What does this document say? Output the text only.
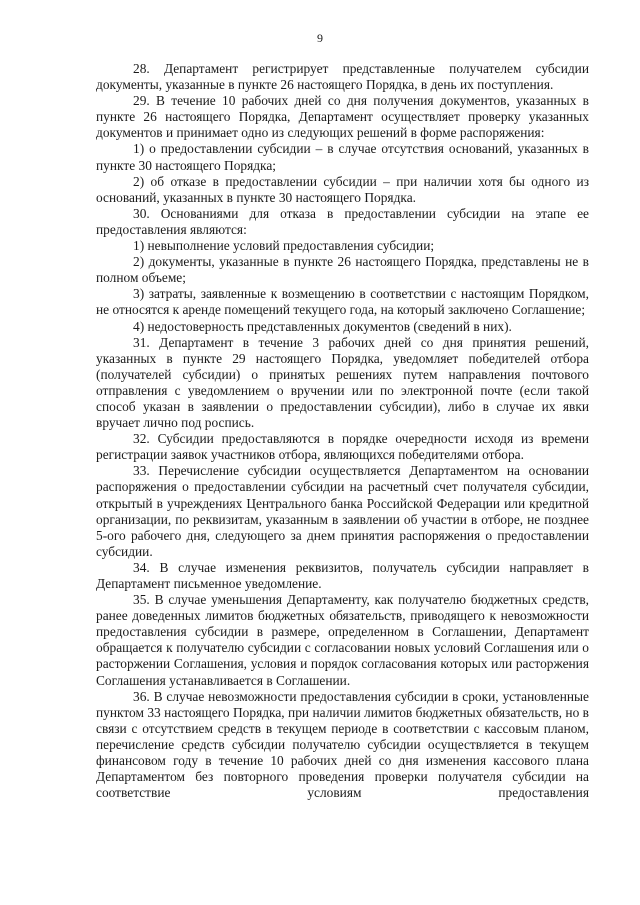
9

28. Департамент регистрирует представленные получателем субсидии документы, указанные в пункте 26 настоящего Порядка, в день их поступления.

29. В течение 10 рабочих дней со дня получения документов, указанных в пункте 26 настоящего Порядка, Департамент осуществляет проверку указанных документов и принимает одно из следующих решений в форме распоряжения:

1) о предоставлении субсидии – в случае отсутствия оснований, указанных в пункте 30 настоящего Порядка;

2) об отказе в предоставлении субсидии – при наличии хотя бы одного из оснований, указанных в пункте 30 настоящего Порядка.

30. Основаниями для отказа в предоставлении субсидии на этапе ее предоставления являются:

1) невыполнение условий предоставления субсидии;

2) документы, указанные в пункте 26 настоящего Порядка, представлены не в полном объеме;

3) затраты, заявленные к возмещению в соответствии с настоящим Порядком, не относятся к аренде помещений текущего года, на который заключено Соглашение;

4) недостоверность представленных документов (сведений в них).

31. Департамент в течение 3 рабочих дней со дня принятия решений, указанных в пункте 29 настоящего Порядка, уведомляет победителей отбора (получателей субсидии) о принятых решениях путем направления почтового отправления с уведомлением о вручении или по электронной почте (если такой способ указан в заявлении о предоставлении субсидии), либо в случае их явки вручает лично под роспись.

32. Субсидии предоставляются в порядке очередности исходя из времени регистрации заявок участников отбора, являющихся победителями отбора.

33. Перечисление субсидии осуществляется Департаментом на основании распоряжения о предоставлении субсидии на расчетный счет получателя субсидии, открытый в учреждениях Центрального банка Российской Федерации или кредитной организации, по реквизитам, указанным в заявлении об участии в отборе, не позднее 5-ого рабочего дня, следующего за днем принятия распоряжения о предоставлении субсидии.

34. В случае изменения реквизитов, получатель субсидии направляет в Департамент письменное уведомление.

35. В случае уменьшения Департаменту, как получателю бюджетных средств, ранее доведенных лимитов бюджетных обязательств, приводящего к невозможности предоставления субсидии в размере, определенном в Соглашении, Департамент обращается к получателю субсидии с согласовании новых условий Соглашения или о расторжении Соглашения, условия и порядок согласования которых или расторжения Соглашения устанавливается в Соглашении.

36. В случае невозможности предоставления субсидии в сроки, установленные пунктом 33 настоящего Порядка, при наличии лимитов бюджетных обязательств, но в связи с отсутствием средств в текущем периоде в соответствии с кассовым планом, перечисление средств субсидии получателю субсидии осуществляется в текущем финансовом году в течение 10 рабочих дней со дня изменения кассового плана Департаментом без повторного проведения проверки получателя субсидии на соответствие условиям предоставления
